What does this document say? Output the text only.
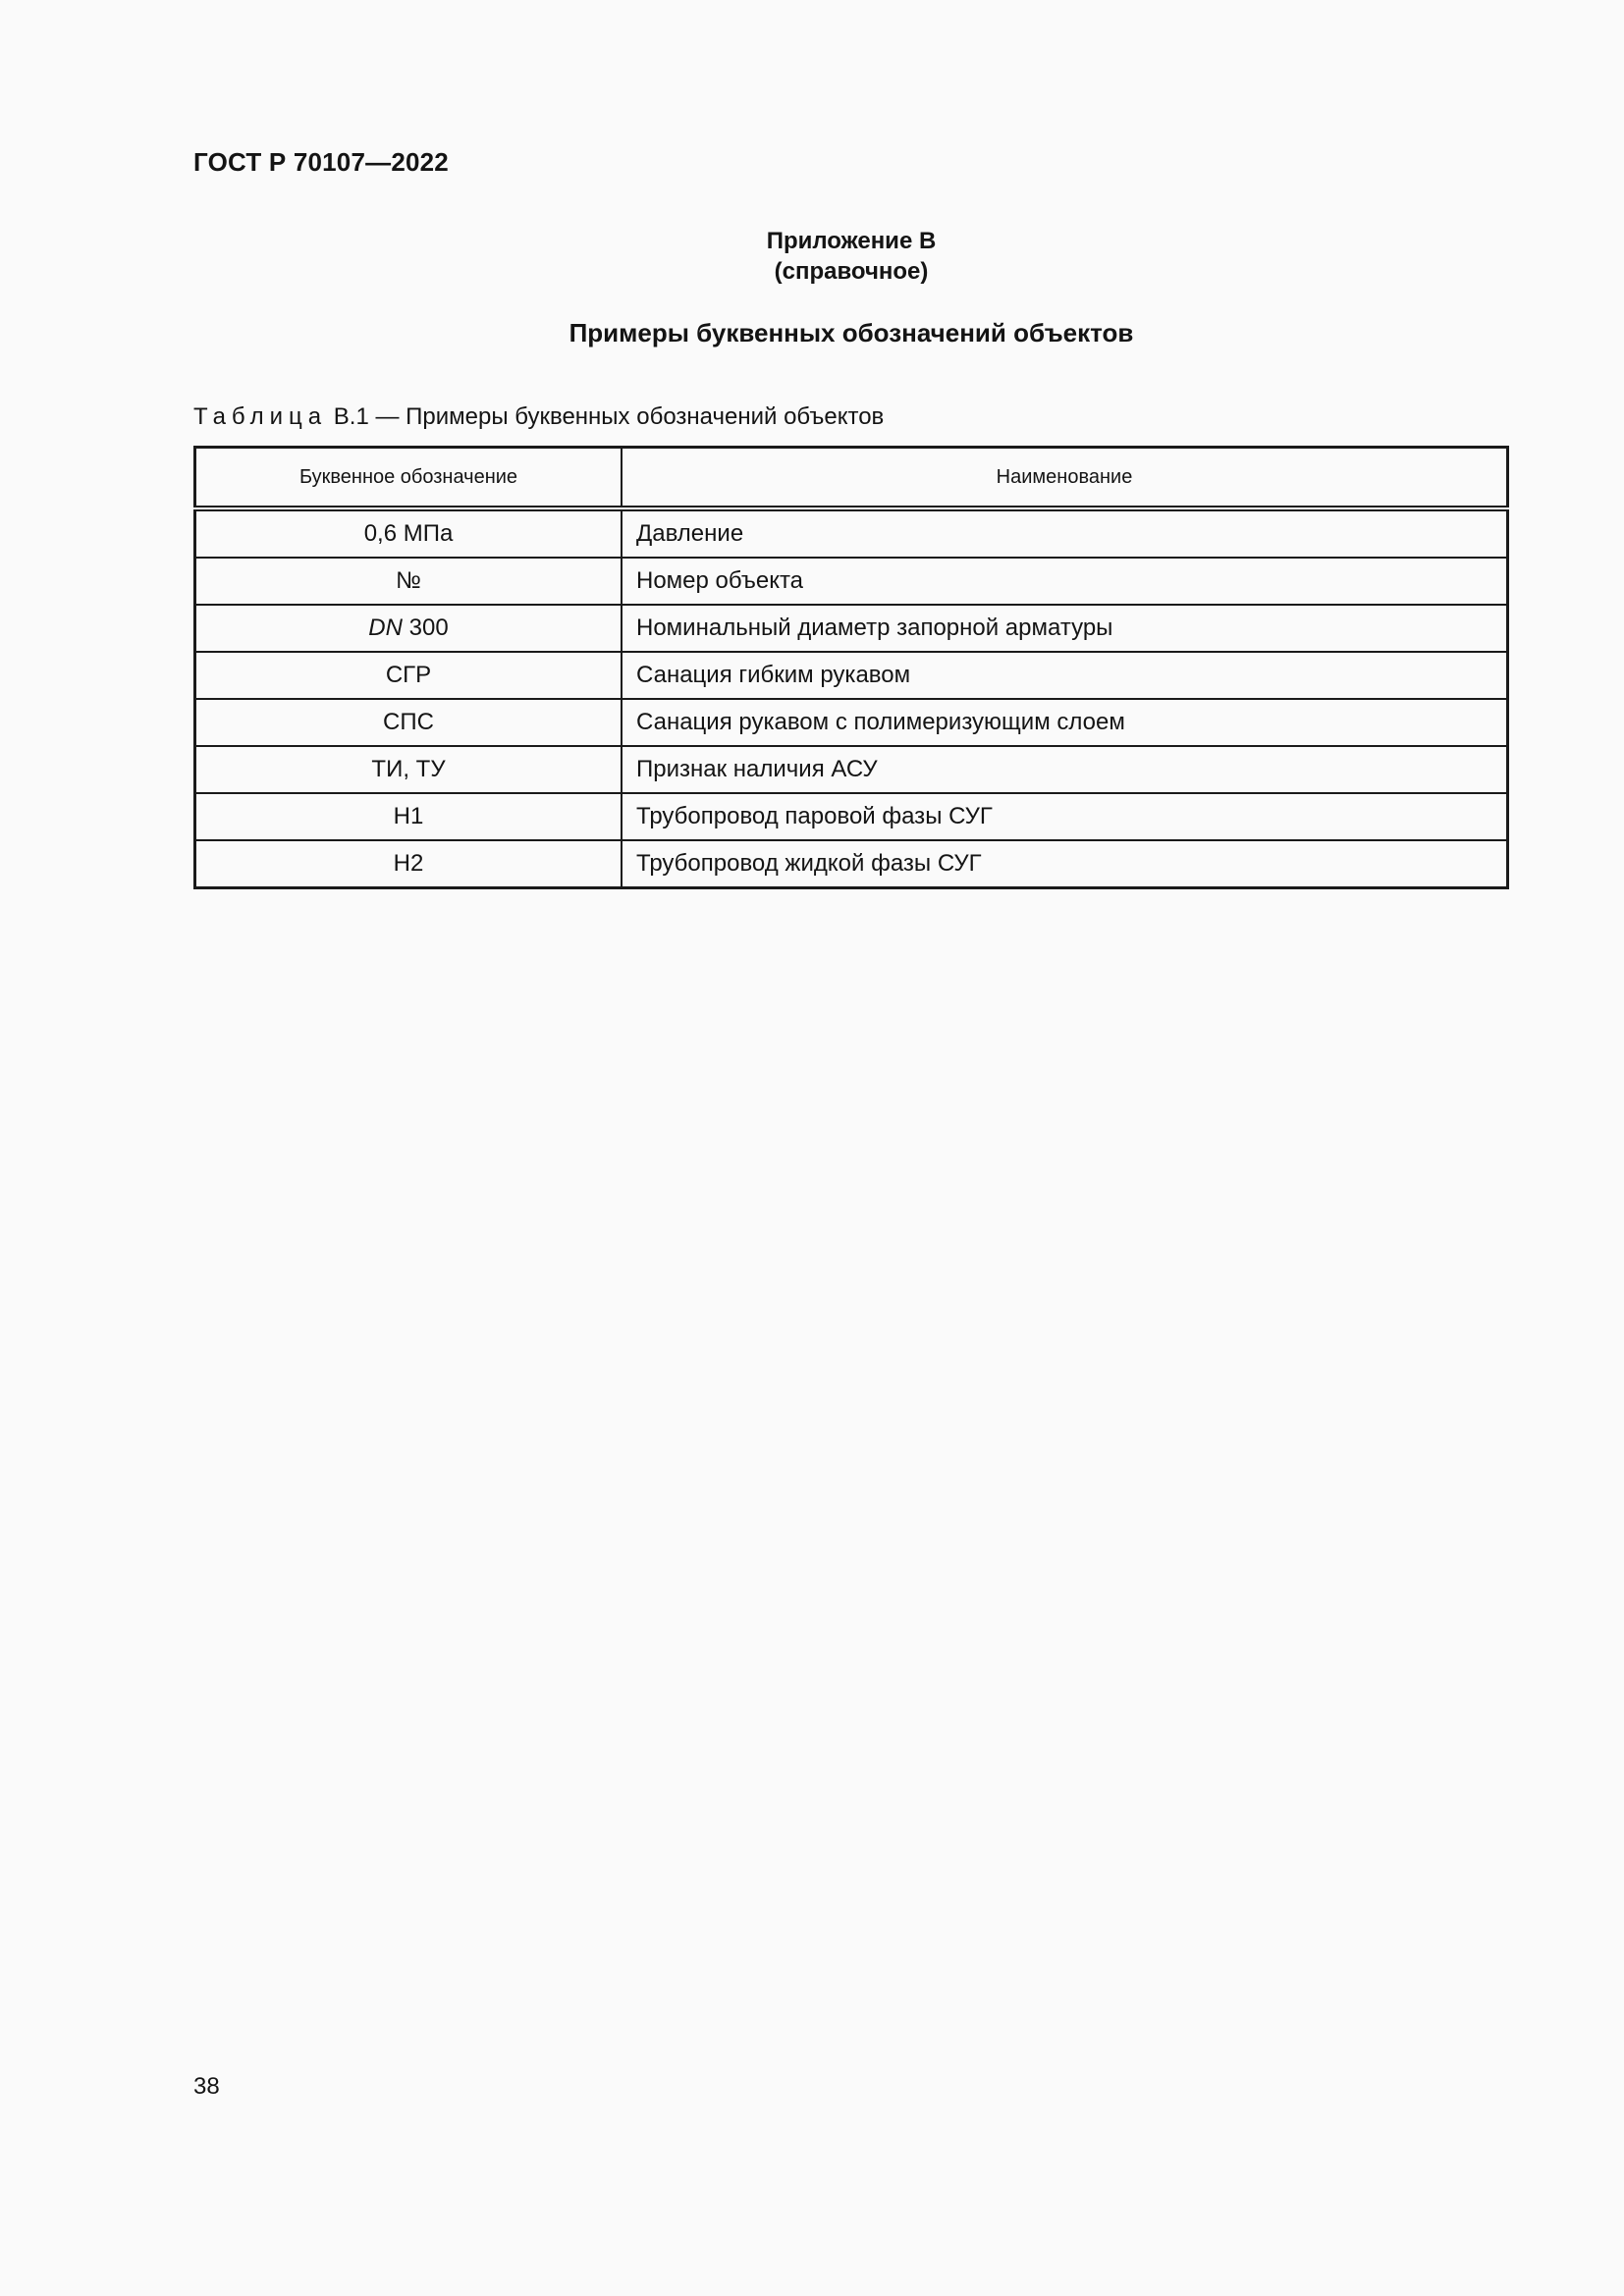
ГОСТ Р 70107—2022
Приложение В
(справочное)
Примеры буквенных обозначений объектов
Таблица В.1 — Примеры буквенных обозначений объектов
Буквенное обозначение	Наименование
0,6 МПа	Давление
№	Номер объекта
DN 300	Номинальный диаметр запорной арматуры
СГР	Санация гибким рукавом
СПС	Санация рукавом с полимеризующим слоем
ТИ, ТУ	Признак наличия АСУ
Н1	Трубопровод паровой фазы СУГ
Н2	Трубопровод жидкой фазы СУГ
38
